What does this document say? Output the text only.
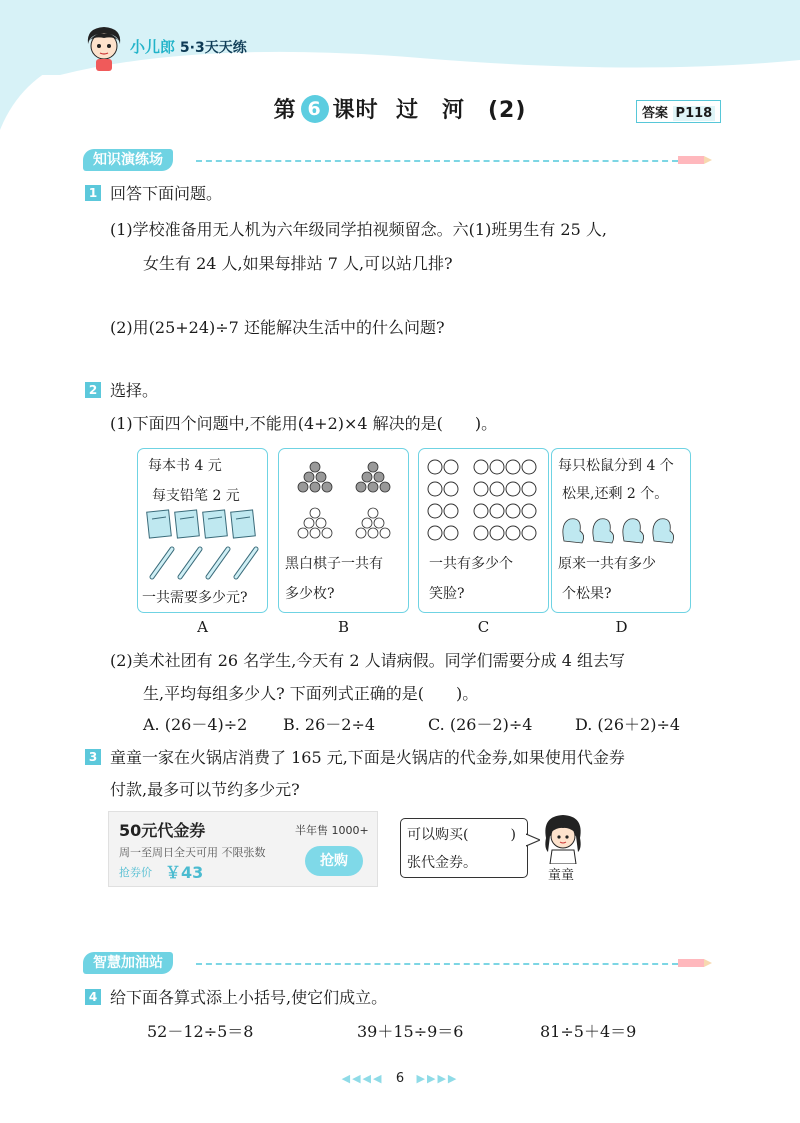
小儿郎 5·3天天练
第 6 课时 过　河　(2)	答案 P118
知识演练场
1 回答下面问题。
(1)学校准备用无人机为六年级同学拍视频留念。六(1)班男生有 25 人,
女生有 24 人,如果每排站 7 人,可以站几排?
(2)用(25+24)÷7 还能解决生活中的什么问题?
2 选择。
(1)下面四个问题中,不能用(4+2)×4 解决的是(　　)。
每本书 4 元
每支铅笔 2 元
一共需要多少元?
黑白棋子一共有
多少枚?
一共有多少个
笑脸?
每只松鼠分到 4 个
松果,还剩 2 个。
原来一共有多少
个松果?
A	B	C	D
(2)美术社团有 26 名学生,今天有 2 人请病假。同学们需要分成 4 组去写
生,平均每组多少人? 下面列式正确的是(　　)。
A. (26－4)÷2 B. 26－2÷4	C. (26－2)÷4	D. (26＋2)÷4
3 童童一家在火锅店消费了 165 元,下面是火锅店的代金券,如果使用代金券
付款,最多可以节约多少元?
50元代金券	半年售 1000+
周一至周日全天可用 不限张数
抢券价 ￥43
抢购
可以购买(　　　)
张代金券。
童童
智慧加油站
4 给下面各算式添上小括号,使它们成立。
52－12÷5＝8	39＋15÷9＝6	81÷5＋4＝9
◀◀◀◀ 6 ▶▶▶▶
